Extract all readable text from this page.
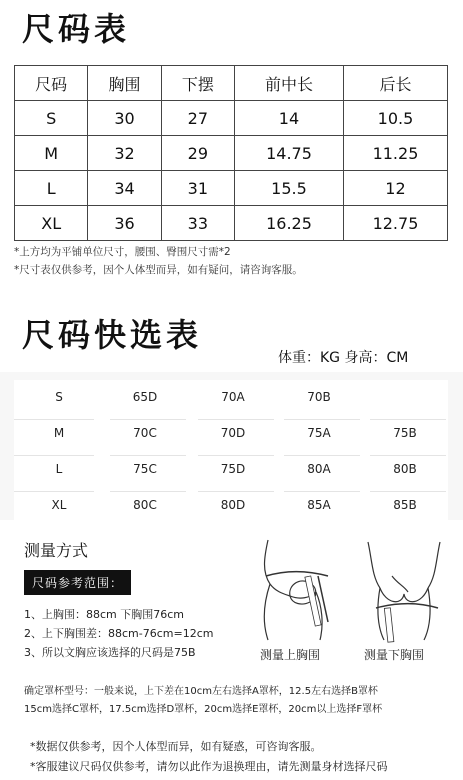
尺码表
尺码	胸围	下摆	前中长	后长
S	30	27	14	10.5
M	32	29	14.75	11.25
L	34	31	15.5	12
XL	36	33	16.25	12.75
*上方均为平铺单位尺寸，腰围、臀围尺寸需*2
*尺寸表仅供参考，因个人体型而异，如有疑问，请咨询客服。
尺码快选表
体重：KG 身高：CM
S	65D	70A	70B
M	70C	70D	75A	75B
L	75C	75D	80A	80B
XL	80C	80D	85A	85B
测量方式
尺码参考范围：
1、上胸围：88cm 下胸围76cm
2、上下胸围差：88cm-76cm=12cm
3、所以文胸应该选择的尺码是75B	测量上胸围	测量下胸围
确定罩杯型号：一般来说，上下差在10cm左右选择A罩杯，12.5左右选择B罩杯
15cm选择C罩杯，17.5cm选择D罩杯，20cm选择E罩杯，20cm以上选择F罩杯
*数据仅供参考，因个人体型而异，如有疑惑，可咨询客服。
*客服建议尺码仅供参考，请勿以此作为退换理由，请先测量身材选择尺码
